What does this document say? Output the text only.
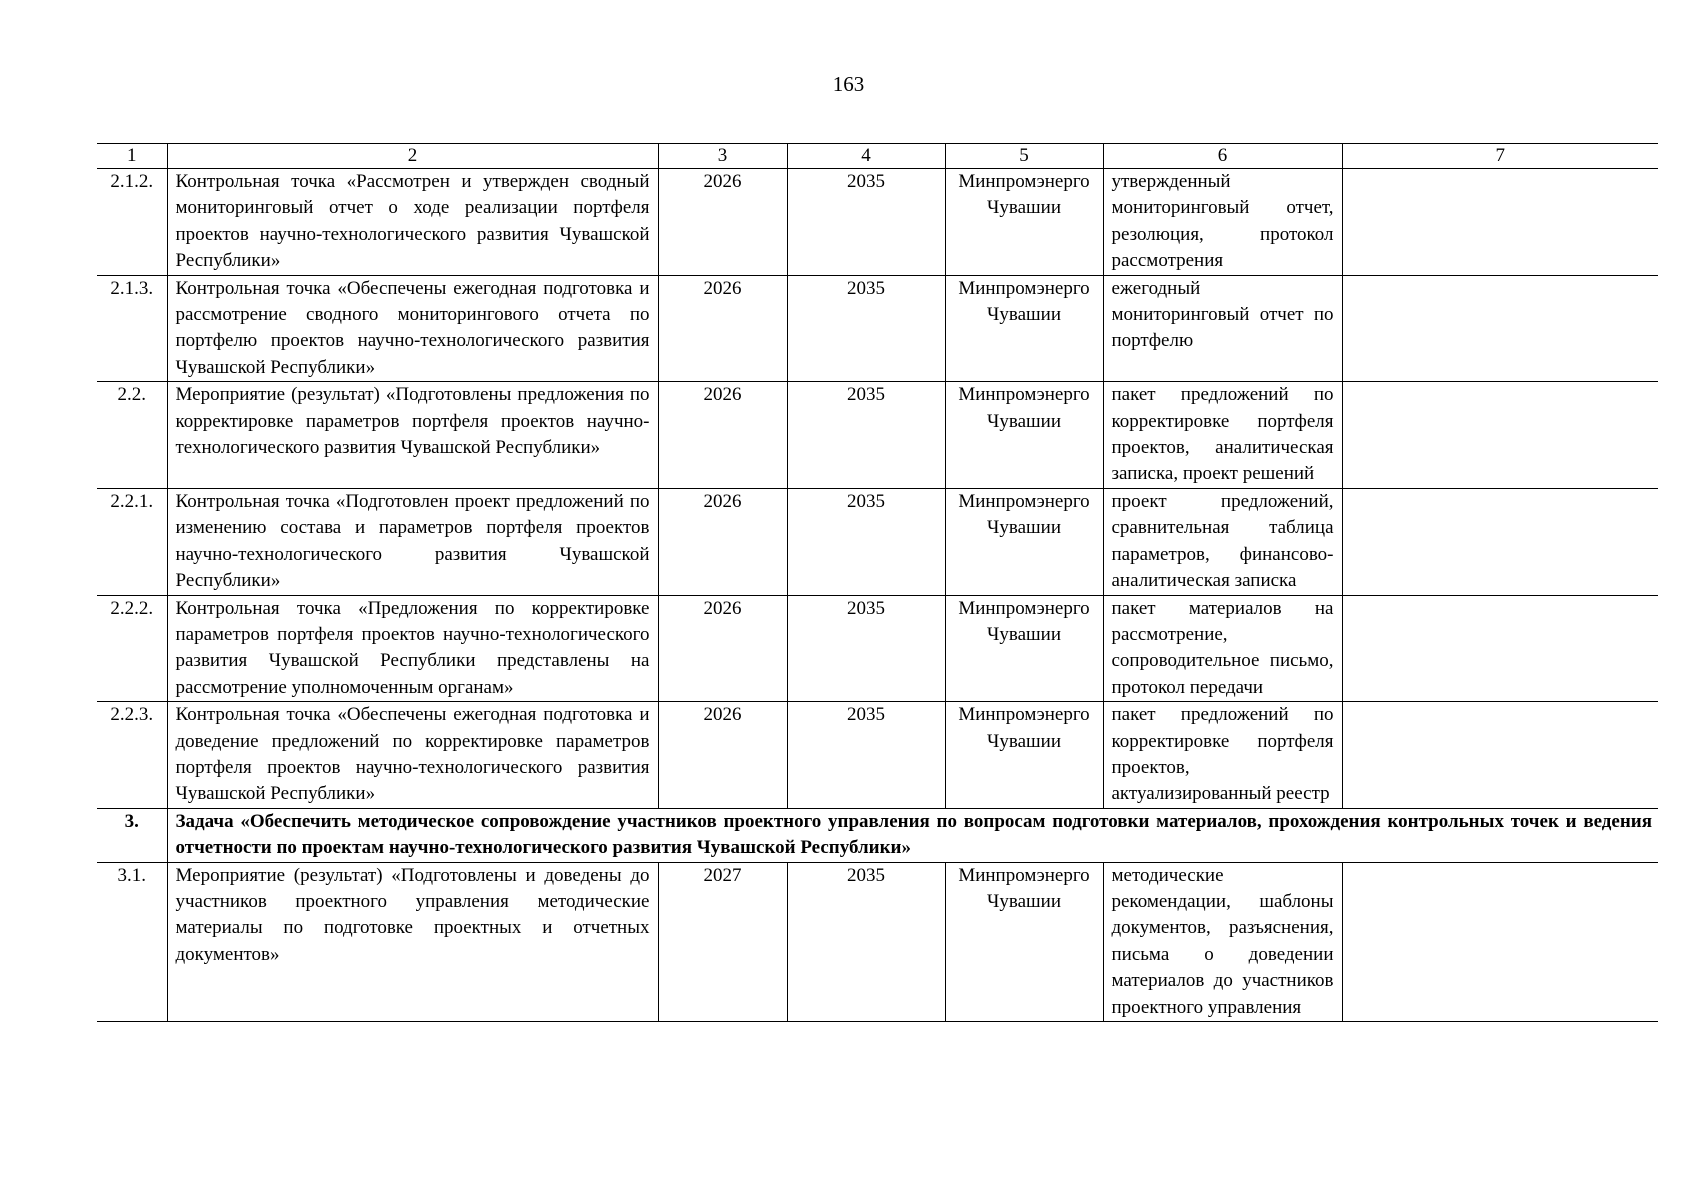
163
1	2	3	4	5	6	7
2.1.2.	Контрольная точка «Рассмотрен и утвержден сводный мониторинговый отчет о ходе реализации портфеля проектов научно-технологического развития Чувашской Республики»	2026	2035	Минпромэнерго Чувашии	утвержденный мониторинговый отчет, резолюция, протокол рассмотрения	
2.1.3.	Контрольная точка «Обеспечены ежегодная подготовка и рассмотрение сводного мониторингового отчета по портфелю проектов научно-технологического развития Чувашской Республики»	2026	2035	Минпромэнерго Чувашии	ежегодный мониторинговый отчет по портфелю	
2.2.	Мероприятие (результат) «Подготовлены предложения по корректировке параметров портфеля проектов научно-технологического развития Чувашской Республики»	2026	2035	Минпромэнерго Чувашии	пакет предложений по корректировке портфеля проектов, аналитическая записка, проект решений	
2.2.1.	Контрольная точка «Подготовлен проект предложений по изменению состава и параметров портфеля проектов научно-технологического развития Чувашской Республики»	2026	2035	Минпромэнерго Чувашии	проект предложений, сравнительная таблица параметров, финансово-аналитическая записка	
2.2.2.	Контрольная точка «Предложения по корректировке параметров портфеля проектов научно-технологического развития Чувашской Республики представлены на рассмотрение уполномоченным органам»	2026	2035	Минпромэнерго Чувашии	пакет материалов на рассмотрение, сопроводительное письмо, протокол передачи	
2.2.3.	Контрольная точка «Обеспечены ежегодная подготовка и доведение предложений по корректировке параметров портфеля проектов научно-технологического развития Чувашской Республики»	2026	2035	Минпромэнерго Чувашии	пакет предложений по корректировке портфеля проектов, актуализированный реестр	
3.	Задача «Обеспечить методическое сопровождение участников проектного управления по вопросам подготовки материалов, прохождения контрольных точек и ведения отчетности по проектам научно-технологического развития Чувашской Республики»					
3.1.	Мероприятие (результат) «Подготовлены и доведены до участников проектного управления методические материалы по подготовке проектных и отчетных документов»	2027	2035	Минпромэнерго Чувашии	методические рекомендации, шаблоны документов, разъяснения, письма о доведении материалов до участников проектного управления	
